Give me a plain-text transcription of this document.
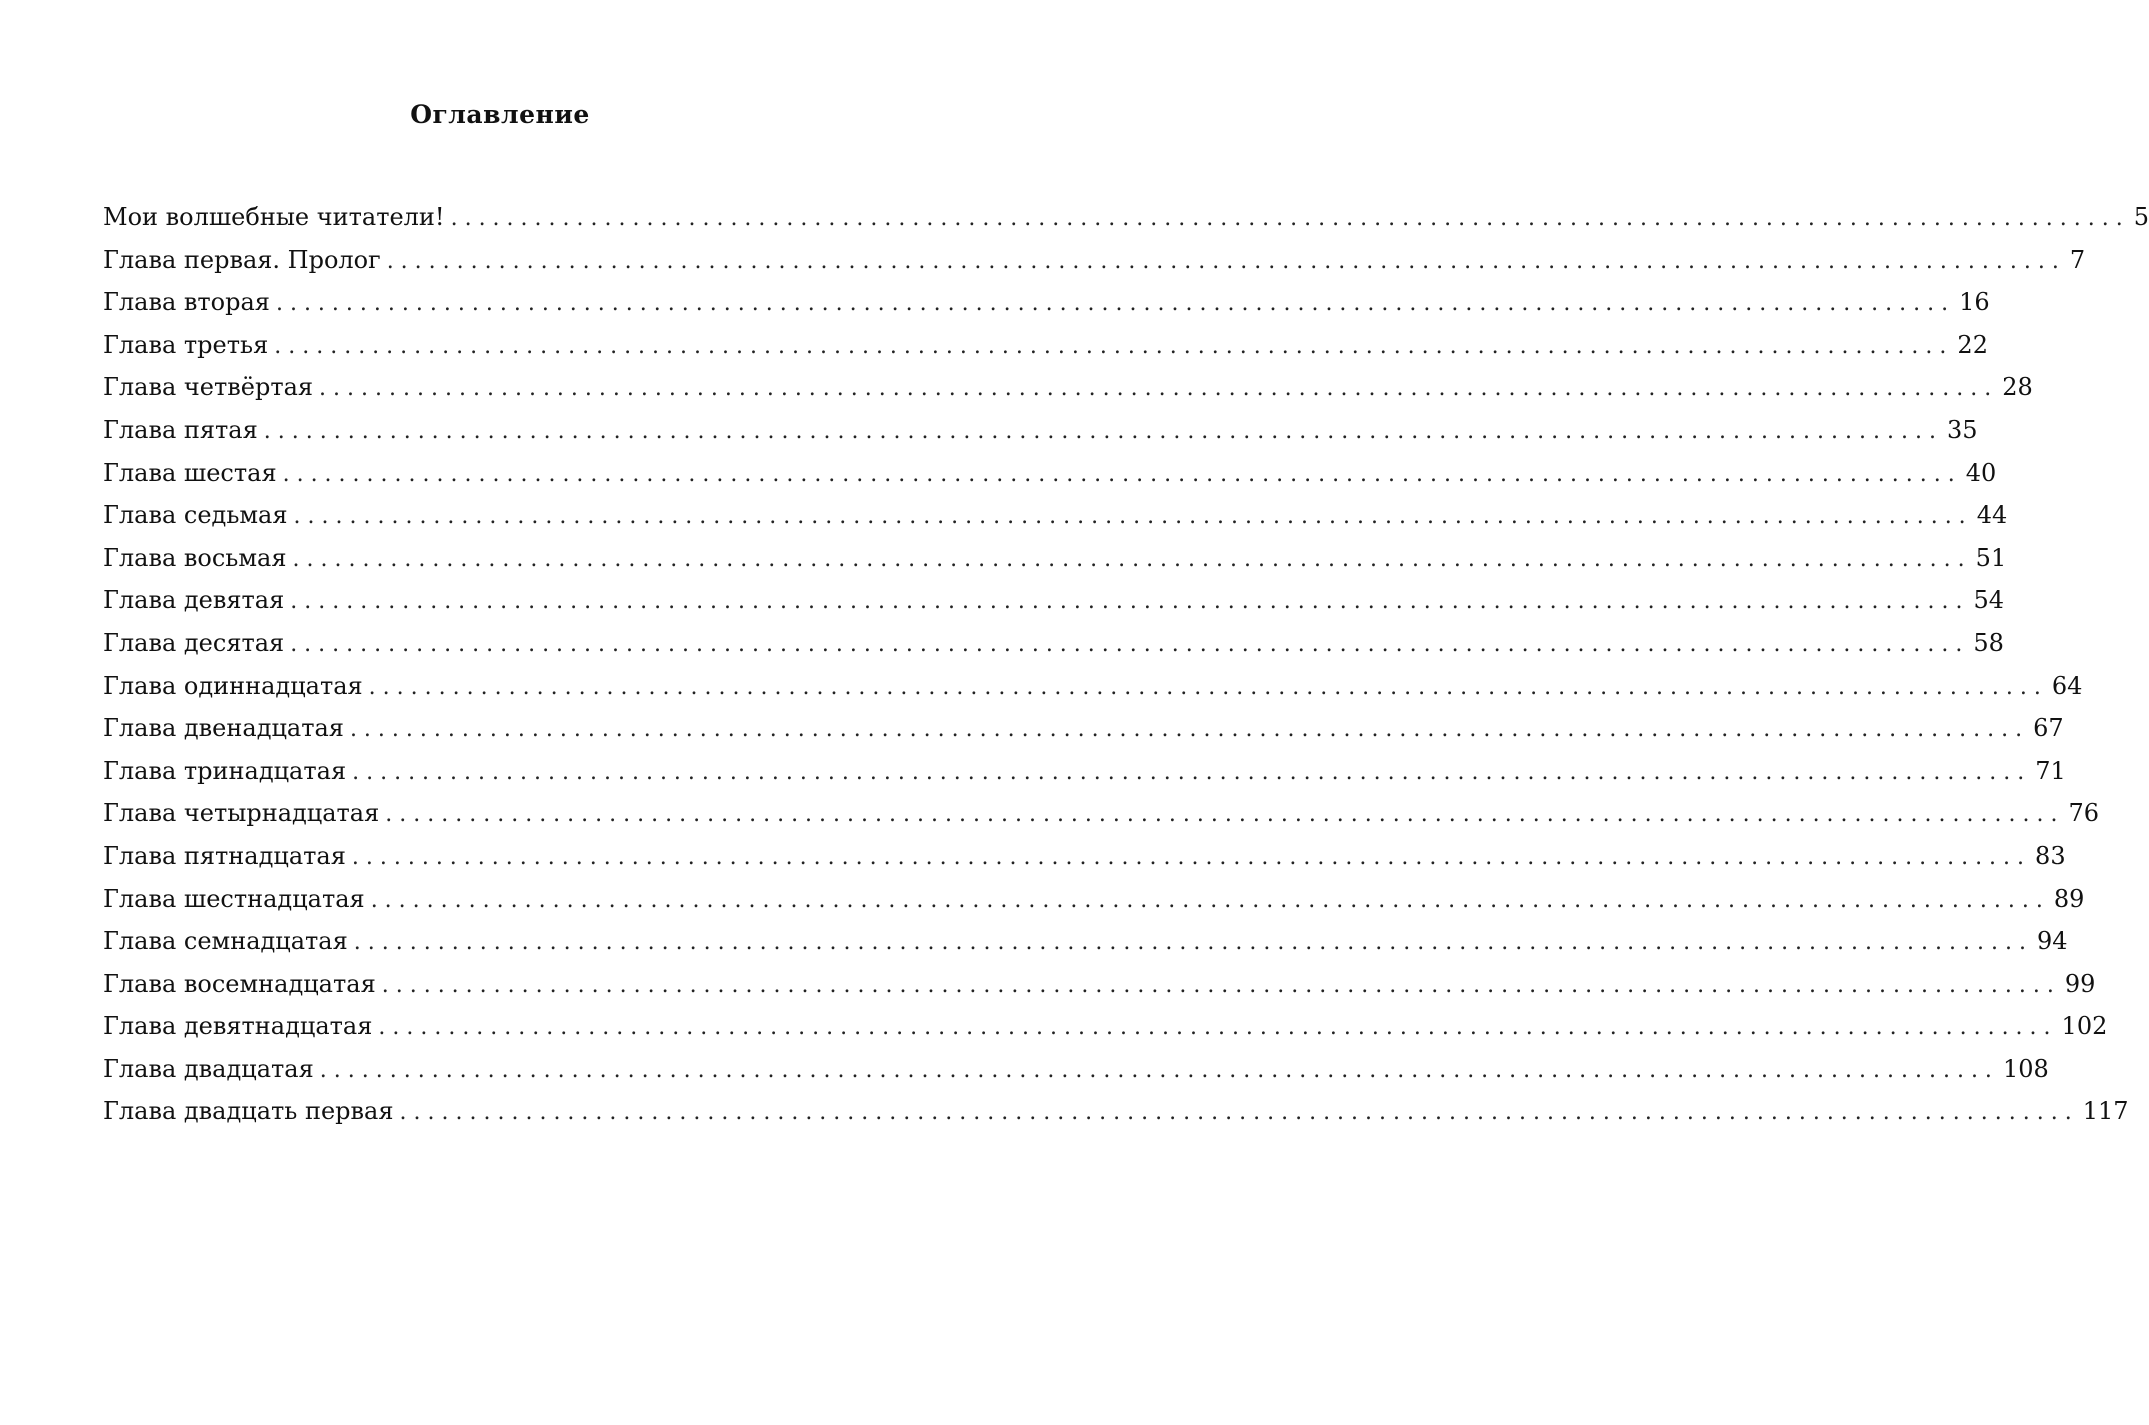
Оглавление
Мои волшебные читатели! ........................................................................................................................ 5
Глава первая. Пролог ........................................................................................................................ 7
Глава вторая ........................................................................................................................ 16
Глава третья ........................................................................................................................ 22
Глава четвёртая ........................................................................................................................ 28
Глава пятая ........................................................................................................................ 35
Глава шестая ........................................................................................................................ 40
Глава седьмая ........................................................................................................................ 44
Глава восьмая ........................................................................................................................ 51
Глава девятая ........................................................................................................................ 54
Глава десятая ........................................................................................................................ 58
Глава одиннадцатая ........................................................................................................................ 64
Глава двенадцатая ........................................................................................................................ 67
Глава тринадцатая ........................................................................................................................ 71
Глава четырнадцатая ........................................................................................................................ 76
Глава пятнадцатая ........................................................................................................................ 83
Глава шестнадцатая ........................................................................................................................ 89
Глава семнадцатая ........................................................................................................................ 94
Глава восемнадцатая ........................................................................................................................ 99
Глава девятнадцатая ........................................................................................................................ 102
Глава двадцатая ........................................................................................................................ 108
Глава двадцать первая ........................................................................................................................ 117
